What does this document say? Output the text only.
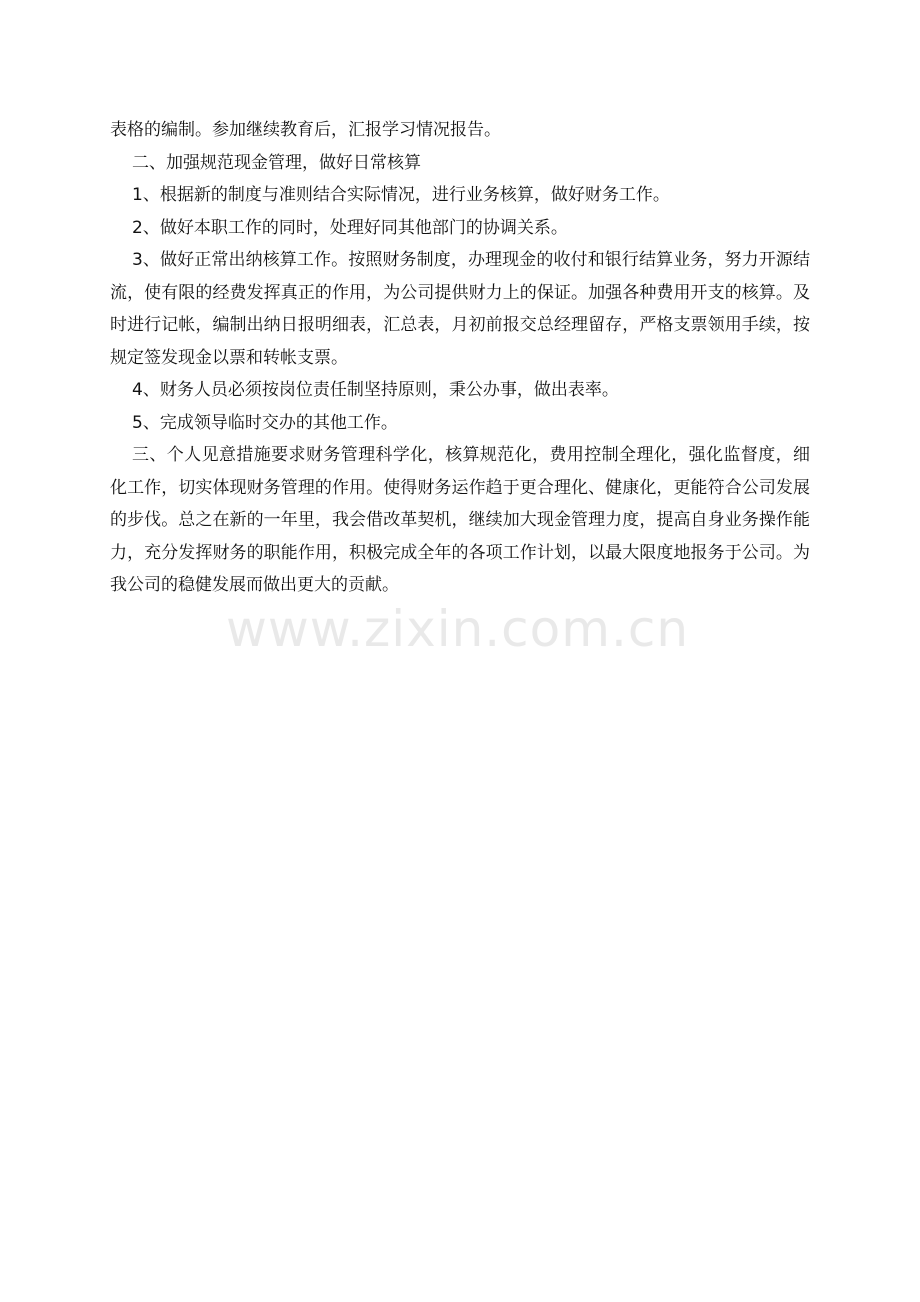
www.zixin.com.cn

表格的编制。参加继续教育后，汇报学习情况报告。

二、加强规范现金管理，做好日常核算

1、根据新的制度与准则结合实际情况，进行业务核算，做好财务工作。

2、做好本职工作的同时，处理好同其他部门的协调关系。

3、做好正常出纳核算工作。按照财务制度，办理现金的收付和银行结算业务，努力开源结流，使有限的经费发挥真正的作用，为公司提供财力上的保证。加强各种费用开支的核算。及时进行记帐，编制出纳日报明细表，汇总表，月初前报交总经理留存，严格支票领用手续，按规定签发现金以票和转帐支票。

4、财务人员必须按岗位责任制坚持原则，秉公办事，做出表率。

5、完成领导临时交办的其他工作。

三、个人见意措施要求财务管理科学化，核算规范化，费用控制全理化，强化监督度，细化工作，切实体现财务管理的作用。使得财务运作趋于更合理化、健康化，更能符合公司发展的步伐。总之在新的一年里，我会借改革契机，继续加大现金管理力度，提高自身业务操作能力，充分发挥财务的职能作用，积极完成全年的各项工作计划，以最大限度地报务于公司。为我公司的稳健发展而做出更大的贡献。
